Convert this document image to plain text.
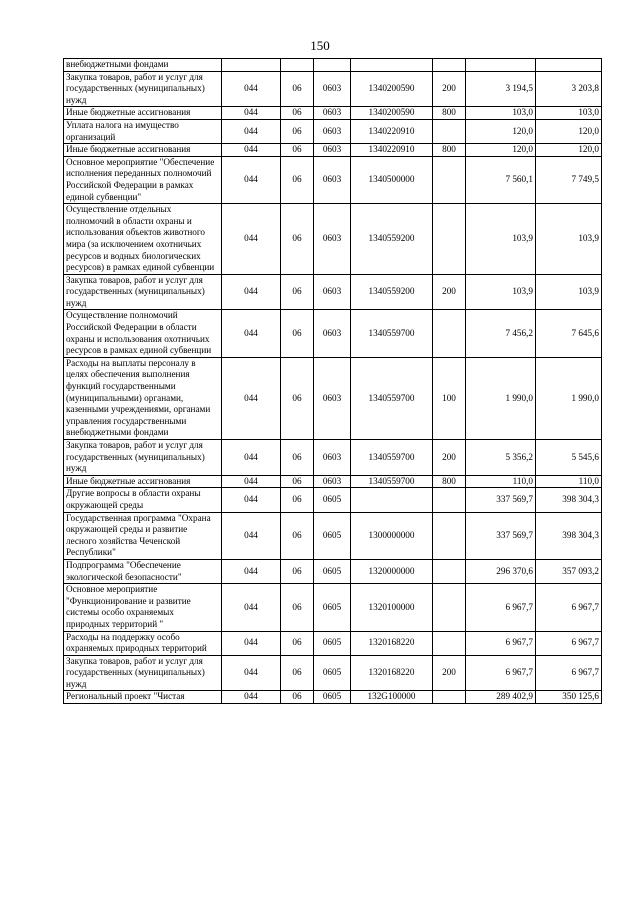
150
внебюджетными фондами							
Закупка товаров, работ и услуг для государственных (муниципальных) нужд	044	06	0603	1340200590	200	3 194,5	3 203,8
Иные бюджетные ассигнования	044	06	0603	1340200590	800	103,0	103,0
Уплата налога на имущество организаций	044	06	0603	1340220910		120,0	120,0
Иные бюджетные ассигнования	044	06	0603	1340220910	800	120,0	120,0
Основное мероприятие "Обеспечение исполнения переданных полномочий Российской Федерации в рамках единой субвенции"	044	06	0603	1340500000		7 560,1	7 749,5
Осуществление отдельных полномочий в области охраны и использования объектов животного мира (за исключением охотничьих ресурсов и водных биологических ресурсов) в рамках единой субвенции	044	06	0603	1340559200		103,9	103,9
Закупка товаров, работ и услуг для государственных (муниципальных) нужд	044	06	0603	1340559200	200	103,9	103,9
Осуществление полномочий Российской Федерации в области охраны и использования охотничьих ресурсов в рамках единой субвенции	044	06	0603	1340559700		7 456,2	7 645,6
Расходы на выплаты персоналу в целях обеспечения выполнения функций государственными (муниципальными) органами, казенными учреждениями, органами управления государственными внебюджетными фондами	044	06	0603	1340559700	100	1 990,0	1 990,0
Закупка товаров, работ и услуг для государственных (муниципальных) нужд	044	06	0603	1340559700	200	5 356,2	5 545,6
Иные бюджетные ассигнования	044	06	0603	1340559700	800	110,0	110,0
Другие вопросы в области охраны окружающей среды	044	06	0605			337 569,7	398 304,3
Государственная программа "Охрана окружающей среды и развитие лесного хозяйства Чеченской Республики"	044	06	0605	1300000000		337 569,7	398 304,3
Подпрограмма "Обеспечение экологической безопасности"	044	06	0605	1320000000		296 370,6	357 093,2
Основное мероприятие "Функционирование и развитие системы особо охраняемых природных территорий "	044	06	0605	1320100000		6 967,7	6 967,7
Расходы на поддержку особо охраняемых природных территорий	044	06	0605	1320168220		6 967,7	6 967,7
Закупка товаров, работ и услуг для государственных (муниципальных) нужд	044	06	0605	1320168220	200	6 967,7	6 967,7
Региональный проект "Чистая	044	06	0605	132G100000		289 402,9	350 125,6
